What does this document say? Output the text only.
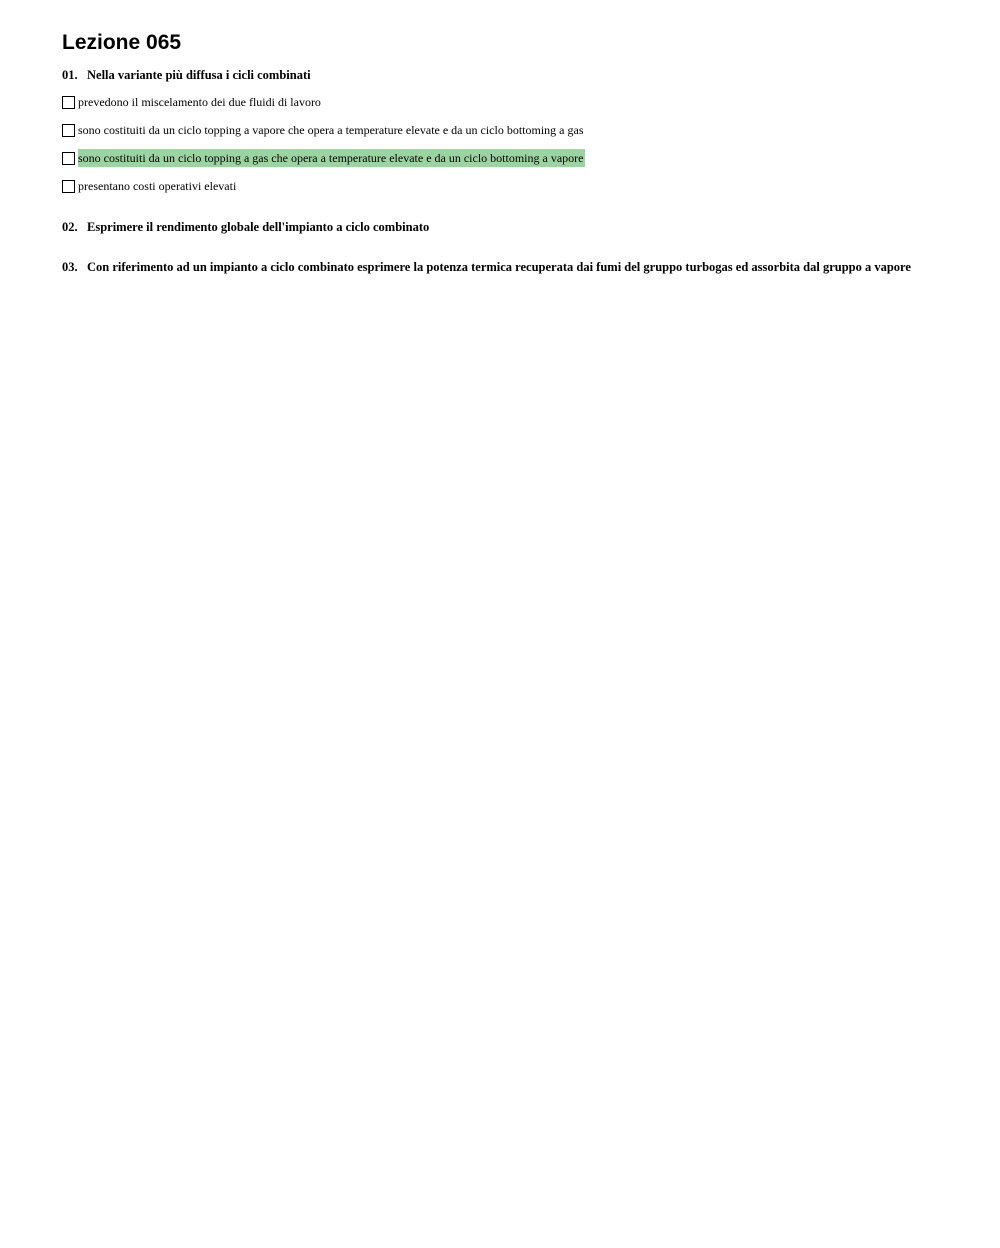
Lezione 065
01. Nella variante più diffusa i cicli combinati
prevedono il miscelamento dei due fluidi di lavoro
sono costituiti da un ciclo topping a vapore che opera a temperature elevate e da un ciclo bottoming a gas
sono costituiti da un ciclo topping a gas che opera a temperature elevate e da un ciclo bottoming a vapore
presentano costi operativi elevati
02. Esprimere il rendimento globale dell'impianto a ciclo combinato
03. Con riferimento ad un impianto a ciclo combinato esprimere la potenza termica recuperata dai fumi del gruppo turbogas ed assorbita dal gruppo a vapore
